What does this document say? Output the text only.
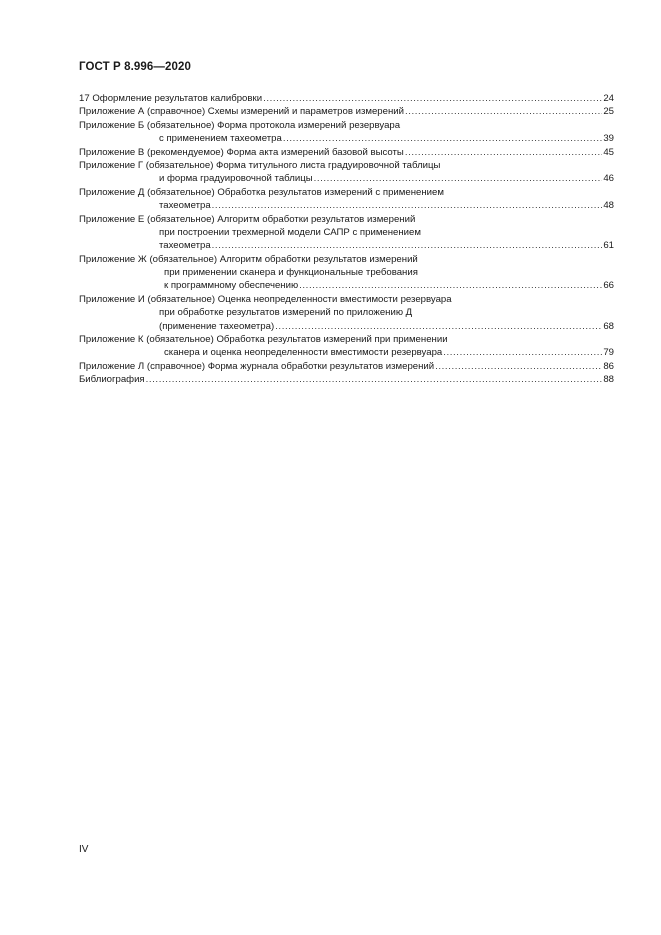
ГОСТ Р 8.996—2020
17 Оформление результатов калибровки .....	24
Приложение А (справочное) Схемы измерений и параметров измерений .....	25
Приложение Б (обязательное) Форма протокола измерений резервуара
с применением тахеометра .....	39
Приложение В (рекомендуемое) Форма акта измерений базовой высоты .....	45
Приложение Г (обязательное) Форма титульного листа градуировочной таблицы
и форма градуировочной таблицы .....	46
Приложение Д (обязательное) Обработка результатов измерений с применением
тахеометра .....	48
Приложение Е (обязательное) Алгоритм обработки результатов измерений
при построении трехмерной модели САПР с применением
тахеометра .....	61
Приложение Ж (обязательное) Алгоритм обработки результатов измерений
при применении сканера и функциональные требования
к программному обеспечению .....	66
Приложение И (обязательное) Оценка неопределенности вместимости резервуара
при обработке результатов измерений по приложению Д
(применение тахеометра) .....	68
Приложение К (обязательное) Обработка результатов измерений при применении
сканера и оценка неопределенности вместимости резервуара .....	79
Приложение Л (справочное) Форма журнала обработки результатов измерений .....	86
Библиография .....	88
IV
